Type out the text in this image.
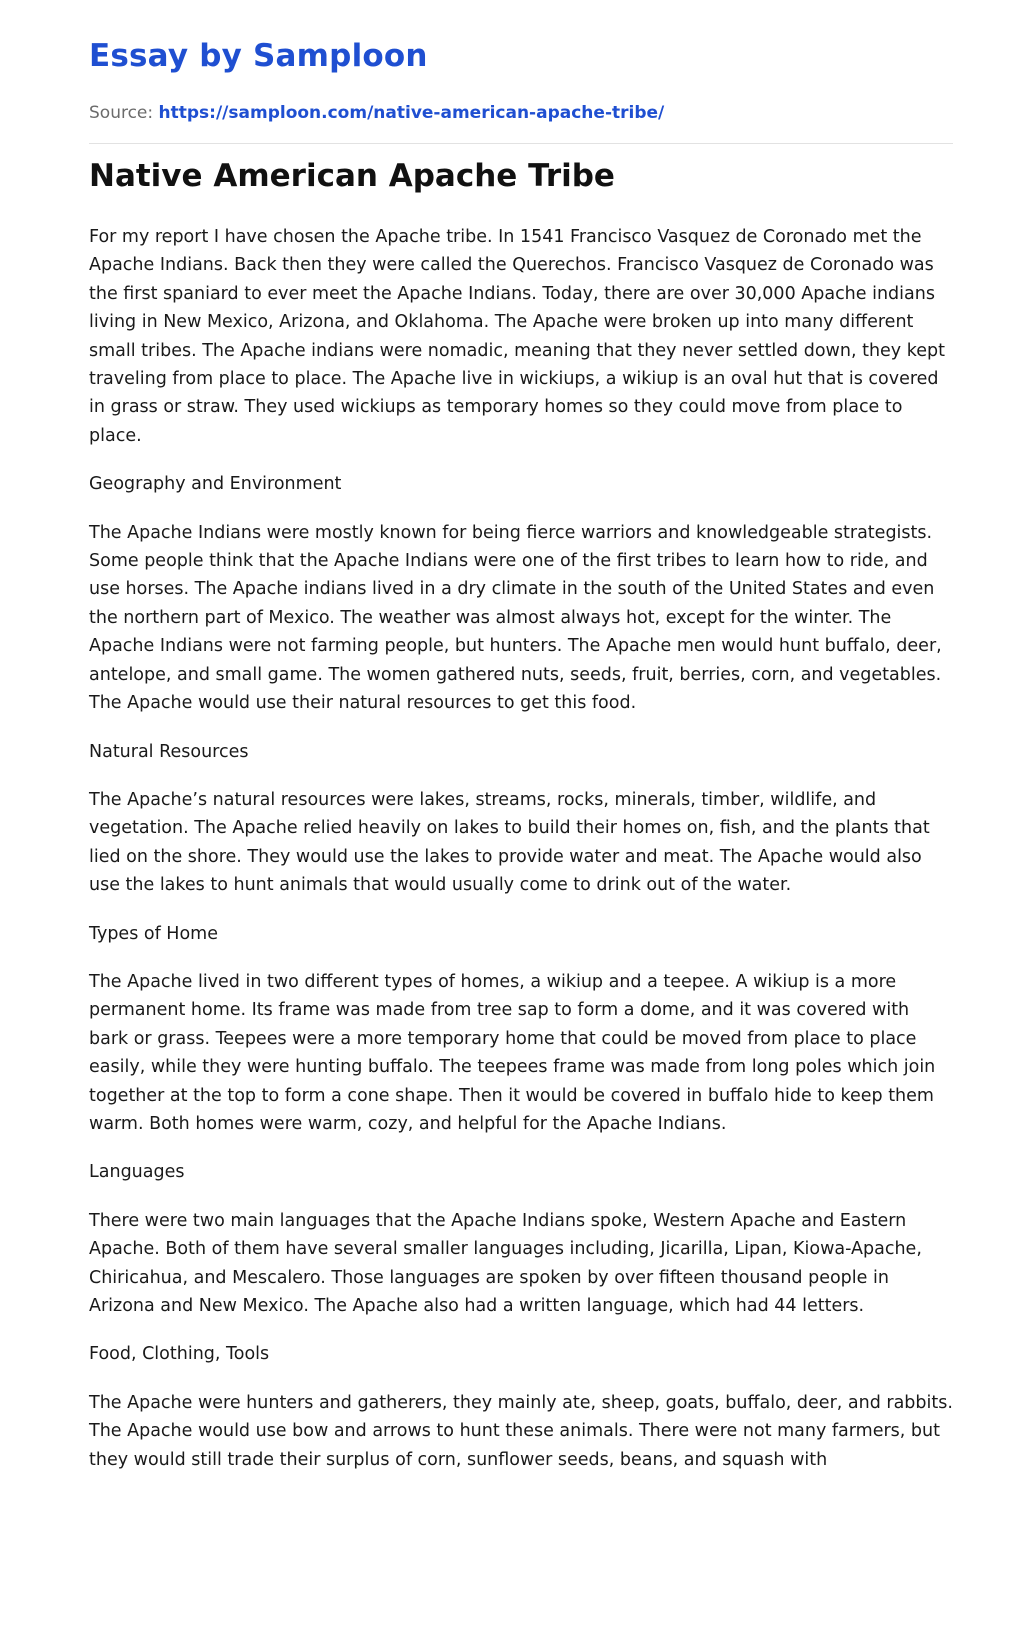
Essay by Samploon
Source: https://samploon.com/native-american-apache-tribe/
Native American Apache Tribe

For my report I have chosen the Apache tribe. In 1541 Francisco Vasquez de Coronado met the Apache Indians. Back then they were called the Querechos. Francisco Vasquez de Coronado was the first spaniard to ever meet the Apache Indians. Today, there are over 30,000 Apache indians living in New Mexico, Arizona, and Oklahoma. The Apache were broken up into many different small tribes. The Apache indians were nomadic, meaning that they never settled down, they kept traveling from place to place. The Apache live in wickiups, a wikiup is an oval hut that is covered in grass or straw. They used wickiups as temporary homes so they could move from place to place.

Geography and Environment

The Apache Indians were mostly known for being fierce warriors and knowledgeable strategists. Some people think that the Apache Indians were one of the first tribes to learn how to ride, and use horses. The Apache indians lived in a dry climate in the south of the United States and even the northern part of Mexico. The weather was almost always hot, except for the winter. The Apache Indians were not farming people, but hunters. The Apache men would hunt buffalo, deer, antelope, and small game. The women gathered nuts, seeds, fruit, berries, corn, and vegetables. The Apache would use their natural resources to get this food.

Natural Resources

The Apache’s natural resources were lakes, streams, rocks, minerals, timber, wildlife, and vegetation. The Apache relied heavily on lakes to build their homes on, fish, and the plants that lied on the shore. They would use the lakes to provide water and meat. The Apache would also use the lakes to hunt animals that would usually come to drink out of the water.

Types of Home

The Apache lived in two different types of homes, a wikiup and a teepee. A wikiup is a more permanent home. Its frame was made from tree sap to form a dome, and it was covered with bark or grass. Teepees were a more temporary home that could be moved from place to place easily, while they were hunting buffalo. The teepees frame was made from long poles which join together at the top to form a cone shape. Then it would be covered in buffalo hide to keep them warm. Both homes were warm, cozy, and helpful for the Apache Indians.

Languages

There were two main languages that the Apache Indians spoke, Western Apache and Eastern Apache. Both of them have several smaller languages including, Jicarilla, Lipan, Kiowa-Apache, Chiricahua, and Mescalero. Those languages are spoken by over fifteen thousand people in Arizona and New Mexico. The Apache also had a written language, which had 44 letters.

Food, Clothing, Tools

The Apache were hunters and gatherers, they mainly ate, sheep, goats, buffalo, deer, and rabbits. The Apache would use bow and arrows to hunt these animals. There were not many farmers, but they would still trade their surplus of corn, sunflower seeds, beans, and squash with
